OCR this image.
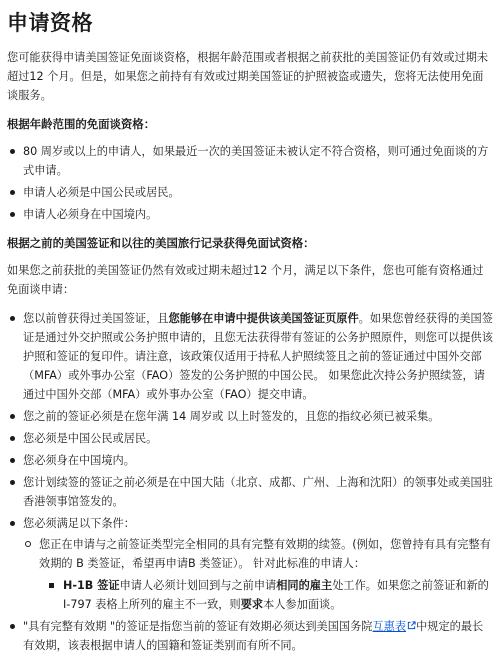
申请资格

您可能获得申请美国签证免面谈资格，根据年龄范围或者根据之前获批的美国签证仍有效或过期未超过12 个月。但是，如果您之前持有有效或过期美国签证的护照被盗或遗失，您将无法使用免面谈服务。

根据年龄范围的免面谈资格：
80 周岁或以上的申请人，如果最近一次的美国签证未被认定不符合资格，则可通过免面谈的方式申请。
申请人必须是中国公民或居民。
申请人必须身在中国境内。
根据之前的美国签证和以往的美国旅行记录获得免面试资格：

如果您之前获批的美国签证仍然有效或过期未超过12 个月，满足以下条件，您也可能有资格通过免面谈申请：

您以前曾获得过美国签证，且您能够在申请中提供该美国签证页原件。如果您曾经获得的美国签证是通过外交护照或公务护照申请的，且您无法获得带有签证的公务护照原件，则您可以提供该护照和签证的复印件。请注意，该政策仅适用于持私人护照续签且之前的签证通过中国外交部（MFA）或外事办公室（FAO）签发的公务护照的中国公民。 如果您此次持公务护照续签，请通过中国外交部（MFA）或外事办公室（FAO）提交申请。
您之前的签证必须是在您年满 14 周岁或 以上时签发的，且您的指纹必须已被采集。
您必须是中国公民或居民。
您必须身在中国境内。
您计划续签的签证之前必须是在中国大陆（北京、成都、广州、上海和沈阳）的领事处或美国驻香港领事馆签发的。
您必须满足以下条件：
您正在申请与之前签证类型完全相同的具有完整有效期的续签。(例如，您曾持有具有完整有效期的 B 类签证，希望再申请B 类签证）。 针对此标准的申请人：
H-1B 签证申请人必须计划回到与之前申请相同的雇主处工作。如果您之前签证和新的 I-797 表格上所列的雇主不一致，则要求本人参加面谈。
"具有完整有效期 "的签证是指您当前的签证有效期必须达到美国国务院互惠表 中规定的最长有效期，该表根据申请人的国籍和签证类别而有所不同。
